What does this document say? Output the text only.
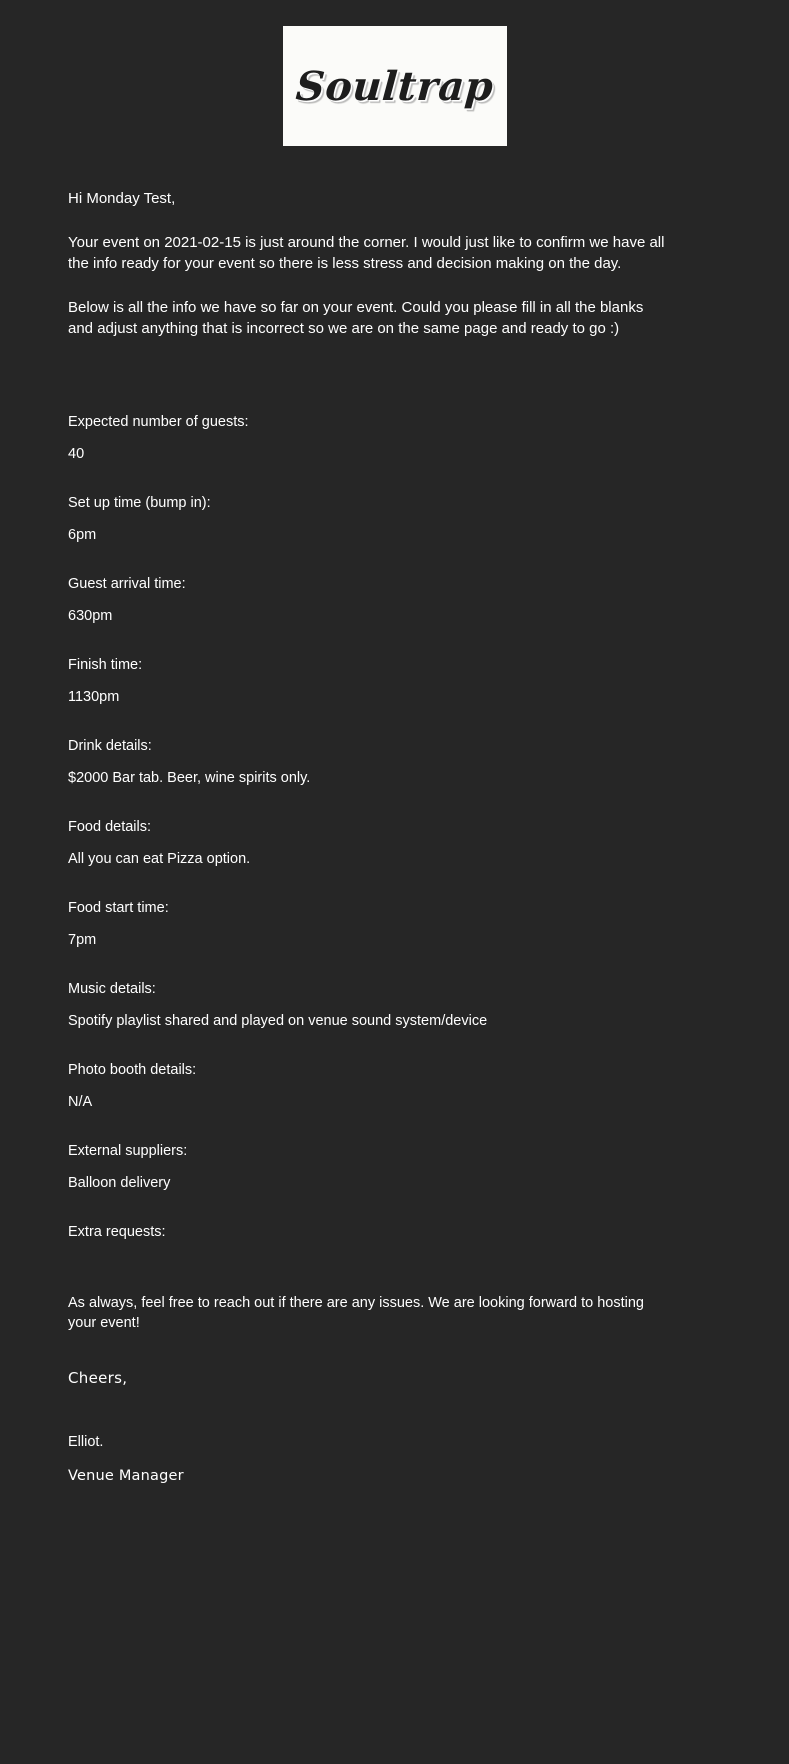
Soultrap

Hi Monday Test,

Your event on 2021-02-15 is just around the corner. I would just like to confirm we have all the info ready for your event so there is less stress and decision making on the day.

Below is all the info we have so far on your event. Could you please fill in all the blanks and adjust anything that is incorrect so we are on the same page and ready to go :)

Expected number of guests:

40

Set up time (bump in):

6pm

Guest arrival time:

630pm

Finish time:

1130pm

Drink details:

$2000 Bar tab. Beer, wine spirits only.

Food details:

All you can eat Pizza option.

Food start time:

7pm

Music details:

Spotify playlist shared and played on venue sound system/device

Photo booth details:

N/A

External suppliers:

Balloon delivery

Extra requests:

As always, feel free to reach out if there are any issues. We are looking forward to hosting your event!

Cheers,

Elliot.

Venue Manager
